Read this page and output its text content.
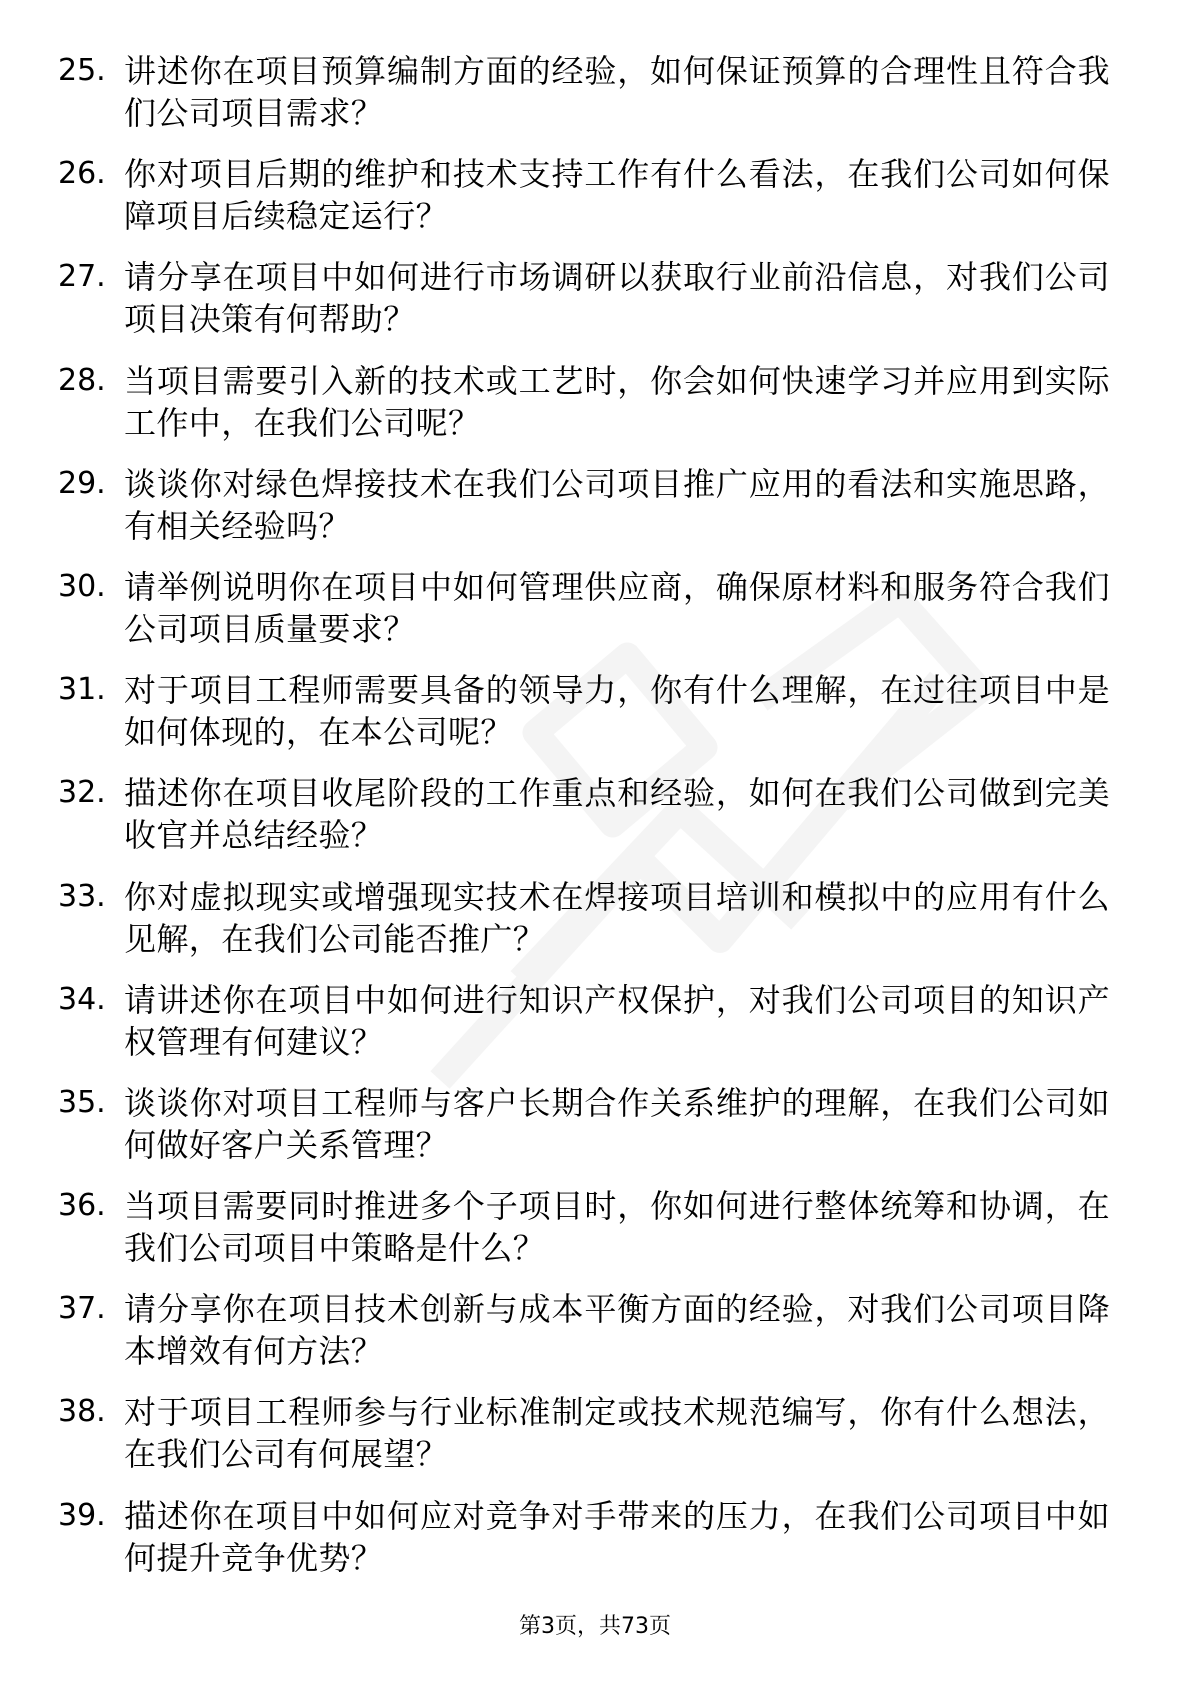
25. 讲述你在项目预算编制方面的经验，如何保证预算的合理性且符合我们公司项目需求？
26. 你对项目后期的维护和技术支持工作有什么看法，在我们公司如何保障项目后续稳定运行？
27. 请分享在项目中如何进行市场调研以获取行业前沿信息，对我们公司项目决策有何帮助？
28. 当项目需要引入新的技术或工艺时，你会如何快速学习并应用到实际工作中，在我们公司呢？
29. 谈谈你对绿色焊接技术在我们公司项目推广应用的看法和实施思路，有相关经验吗？
30. 请举例说明你在项目中如何管理供应商，确保原材料和服务符合我们公司项目质量要求？
31. 对于项目工程师需要具备的领导力，你有什么理解，在过往项目中是如何体现的，在本公司呢？
32. 描述你在项目收尾阶段的工作重点和经验，如何在我们公司做到完美收官并总结经验？
33. 你对虚拟现实或增强现实技术在焊接项目培训和模拟中的应用有什么见解，在我们公司能否推广？
34. 请讲述你在项目中如何进行知识产权保护，对我们公司项目的知识产权管理有何建议？
35. 谈谈你对项目工程师与客户长期合作关系维护的理解，在我们公司如何做好客户关系管理？
36. 当项目需要同时推进多个子项目时，你如何进行整体统筹和协调，在我们公司项目中策略是什么？
37. 请分享你在项目技术创新与成本平衡方面的经验，对我们公司项目降本增效有何方法？
38. 对于项目工程师参与行业标准制定或技术规范编写，你有什么想法，在我们公司有何展望？
39. 描述你在项目中如何应对竞争对手带来的压力，在我们公司项目中如何提升竞争优势？
第3页，共73页
